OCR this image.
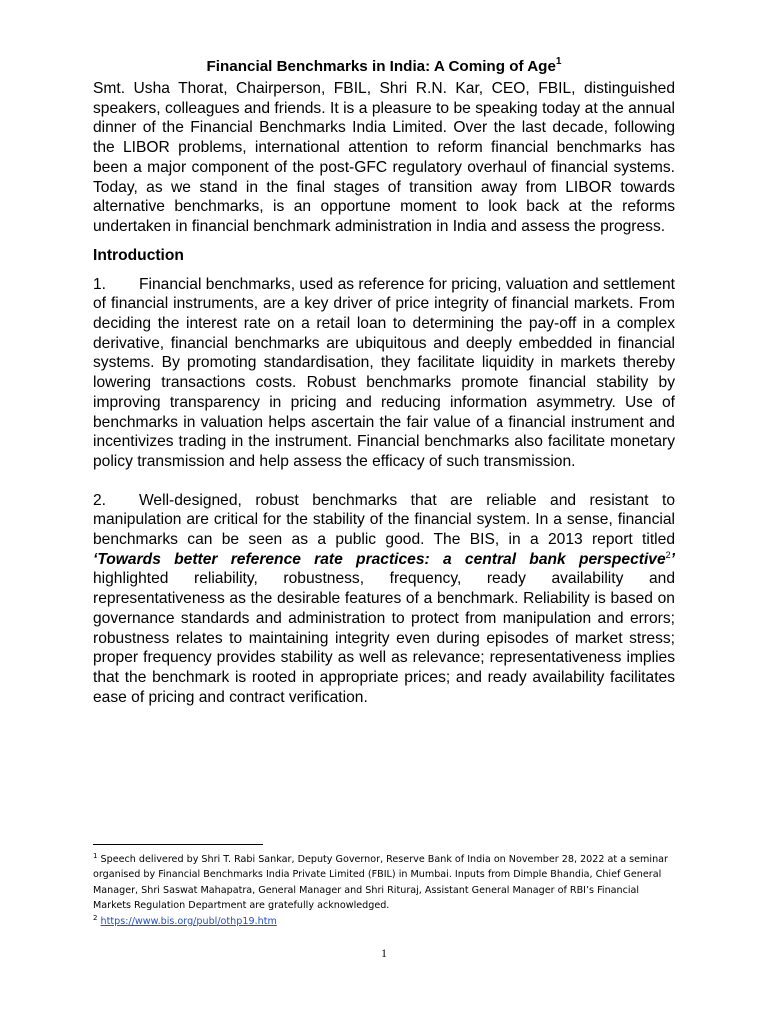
Financial Benchmarks in India: A Coming of Age$^1$

Smt. Usha Thorat, Chairperson, FBIL, Shri R.N. Kar, CEO, FBIL, distinguished speakers, colleagues and friends. It is a pleasure to be speaking today at the annual dinner of the Financial Benchmarks India Limited. Over the last decade, following the LIBOR problems, international attention to reform financial benchmarks has been a major component of the post-GFC regulatory overhaul of financial systems. Today, as we stand in the final stages of transition away from LIBOR towards alternative benchmarks, is an opportune moment to look back at the reforms undertaken in financial benchmark administration in India and assess the progress.

Introduction

1. Financial benchmarks, used as reference for pricing, valuation and settlement of financial instruments, are a key driver of price integrity of financial markets. From deciding the interest rate on a retail loan to determining the pay-off in a complex derivative, financial benchmarks are ubiquitous and deeply embedded in financial systems. By promoting standardisation, they facilitate liquidity in markets thereby lowering transactions costs. Robust benchmarks promote financial stability by improving transparency in pricing and reducing information asymmetry. Use of benchmarks in valuation helps ascertain the fair value of a financial instrument and incentivizes trading in the instrument. Financial benchmarks also facilitate monetary policy transmission and help assess the efficacy of such transmission.

2. Well-designed, robust benchmarks that are reliable and resistant to manipulation are critical for the stability of the financial system. In a sense, financial benchmarks can be seen as a public good. The BIS, in a 2013 report titled ‘Towards better reference rate practices: a central bank perspective$^2$’ highlighted reliability, robustness, frequency, ready availability and representativeness as the desirable features of a benchmark. Reliability is based on governance standards and administration to protect from manipulation and errors; robustness relates to maintaining integrity even during episodes of market stress; proper frequency provides stability as well as relevance; representativeness implies that the benchmark is rooted in appropriate prices; and ready availability facilitates ease of pricing and contract verification.

$^1$ Speech delivered by Shri T. Rabi Sankar, Deputy Governor, Reserve Bank of India on November 28, 2022 at a seminar organised by Financial Benchmarks India Private Limited (FBIL) in Mumbai. Inputs from Dimple Bhandia, Chief General Manager, Shri Saswat Mahapatra, General Manager and Shri Rituraj, Assistant General Manager of RBI’s Financial Markets Regulation Department are gratefully acknowledged.
$^2$ https://www.bis.org/publ/othp19.htm
1
